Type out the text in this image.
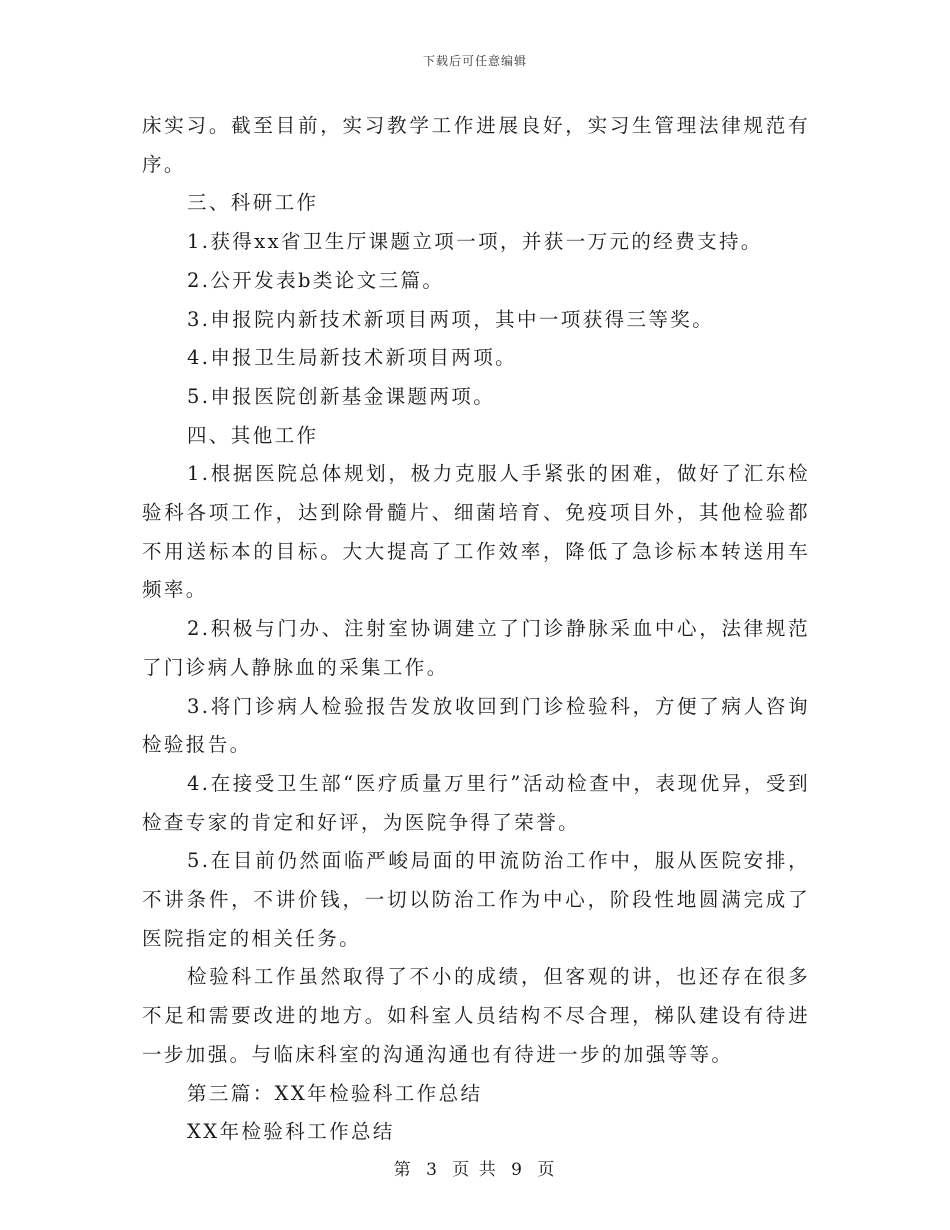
下载后可任意编辑

床实习。截至目前，实习教学工作进展良好，实习生管理法律规范有序。

三、科研工作

1.获得xx省卫生厅课题立项一项，并获一万元的经费支持。

2.公开发表b类论文三篇。

3.申报院内新技术新项目两项，其中一项获得三等奖。

4.申报卫生局新技术新项目两项。

5.申报医院创新基金课题两项。

四、其他工作

1.根据医院总体规划，极力克服人手紧张的困难，做好了汇东检验科各项工作，达到除骨髓片、细菌培育、免疫项目外，其他检验都不用送标本的目标。大大提高了工作效率，降低了急诊标本转送用车频率。

2.积极与门办、注射室协调建立了门诊静脉采血中心，法律规范了门诊病人静脉血的采集工作。

3.将门诊病人检验报告发放收回到门诊检验科，方便了病人咨询检验报告。

4.在接受卫生部“医疗质量万里行”活动检查中，表现优异，受到检查专家的肯定和好评，为医院争得了荣誉。

5.在目前仍然面临严峻局面的甲流防治工作中，服从医院安排，不讲条件，不讲价钱，一切以防治工作为中心，阶段性地圆满完成了医院指定的相关任务。

检验科工作虽然取得了不小的成绩，但客观的讲，也还存在很多不足和需要改进的地方。如科室人员结构不尽合理，梯队建设有待进一步加强。与临床科室的沟通沟通也有待进一步的加强等等。

第三篇：XX年检验科工作总结

XX年检验科工作总结

第 3 页 共 9 页
